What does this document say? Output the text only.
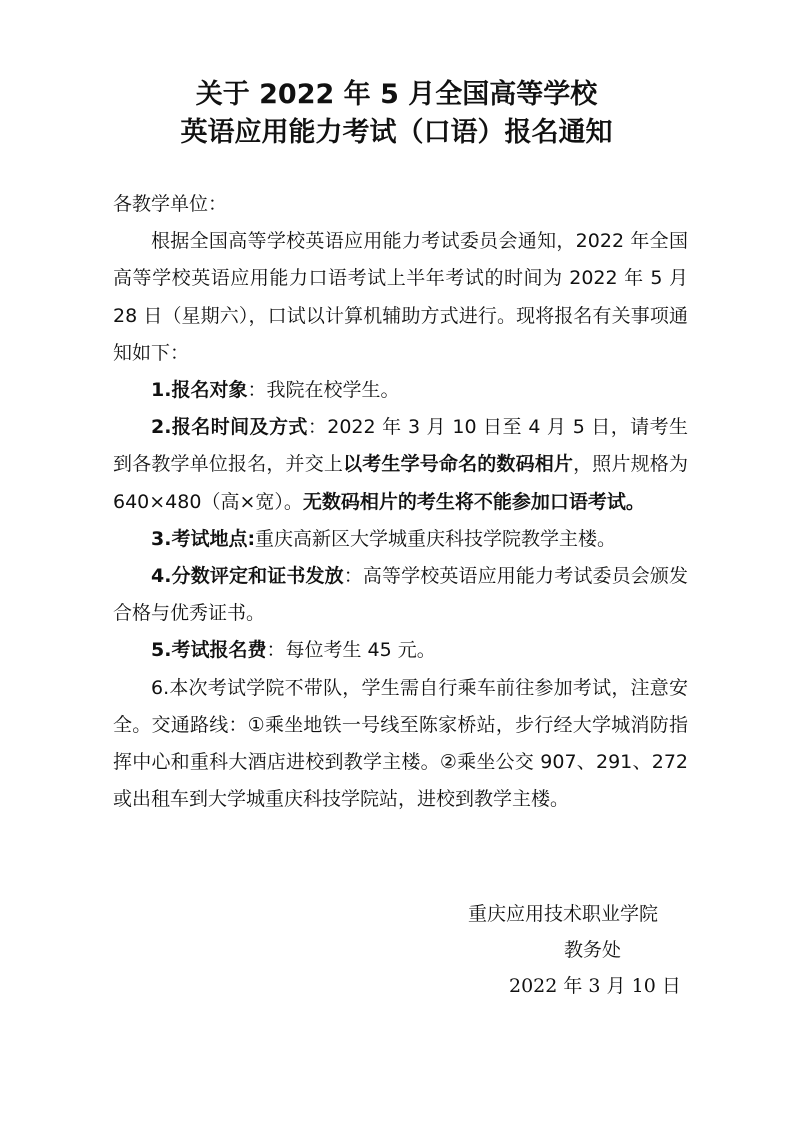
关于 2022 年 5 月全国高等学校
英语应用能力考试（口语）报名通知

各教学单位：

根据全国高等学校英语应用能力考试委员会通知，2022 年全国高等学校英语应用能力口语考试上半年考试的时间为 2022 年 5 月 28 日（星期六），口试以计算机辅助方式进行。现将报名有关事项通知如下：

1.报名对象：我院在校学生。

2.报名时间及方式：2022 年 3 月 10 日至 4 月 5 日，请考生到各教学单位报名，并交上以考生学号命名的数码相片，照片规格为 640×480（高×宽）。无数码相片的考生将不能参加口语考试。

3.考试地点:重庆高新区大学城重庆科技学院教学主楼。

4.分数评定和证书发放：高等学校英语应用能力考试委员会颁发合格与优秀证书。

5.考试报名费：每位考生 45 元。

6.本次考试学院不带队，学生需自行乘车前往参加考试，注意安全。交通路线：①乘坐地铁一号线至陈家桥站，步行经大学城消防指挥中心和重科大酒店进校到教学主楼。②乘坐公交 907、291、272 或出租车到大学城重庆科技学院站，进校到教学主楼。

重庆应用技术职业学院
教务处
2022 年 3 月 10 日
